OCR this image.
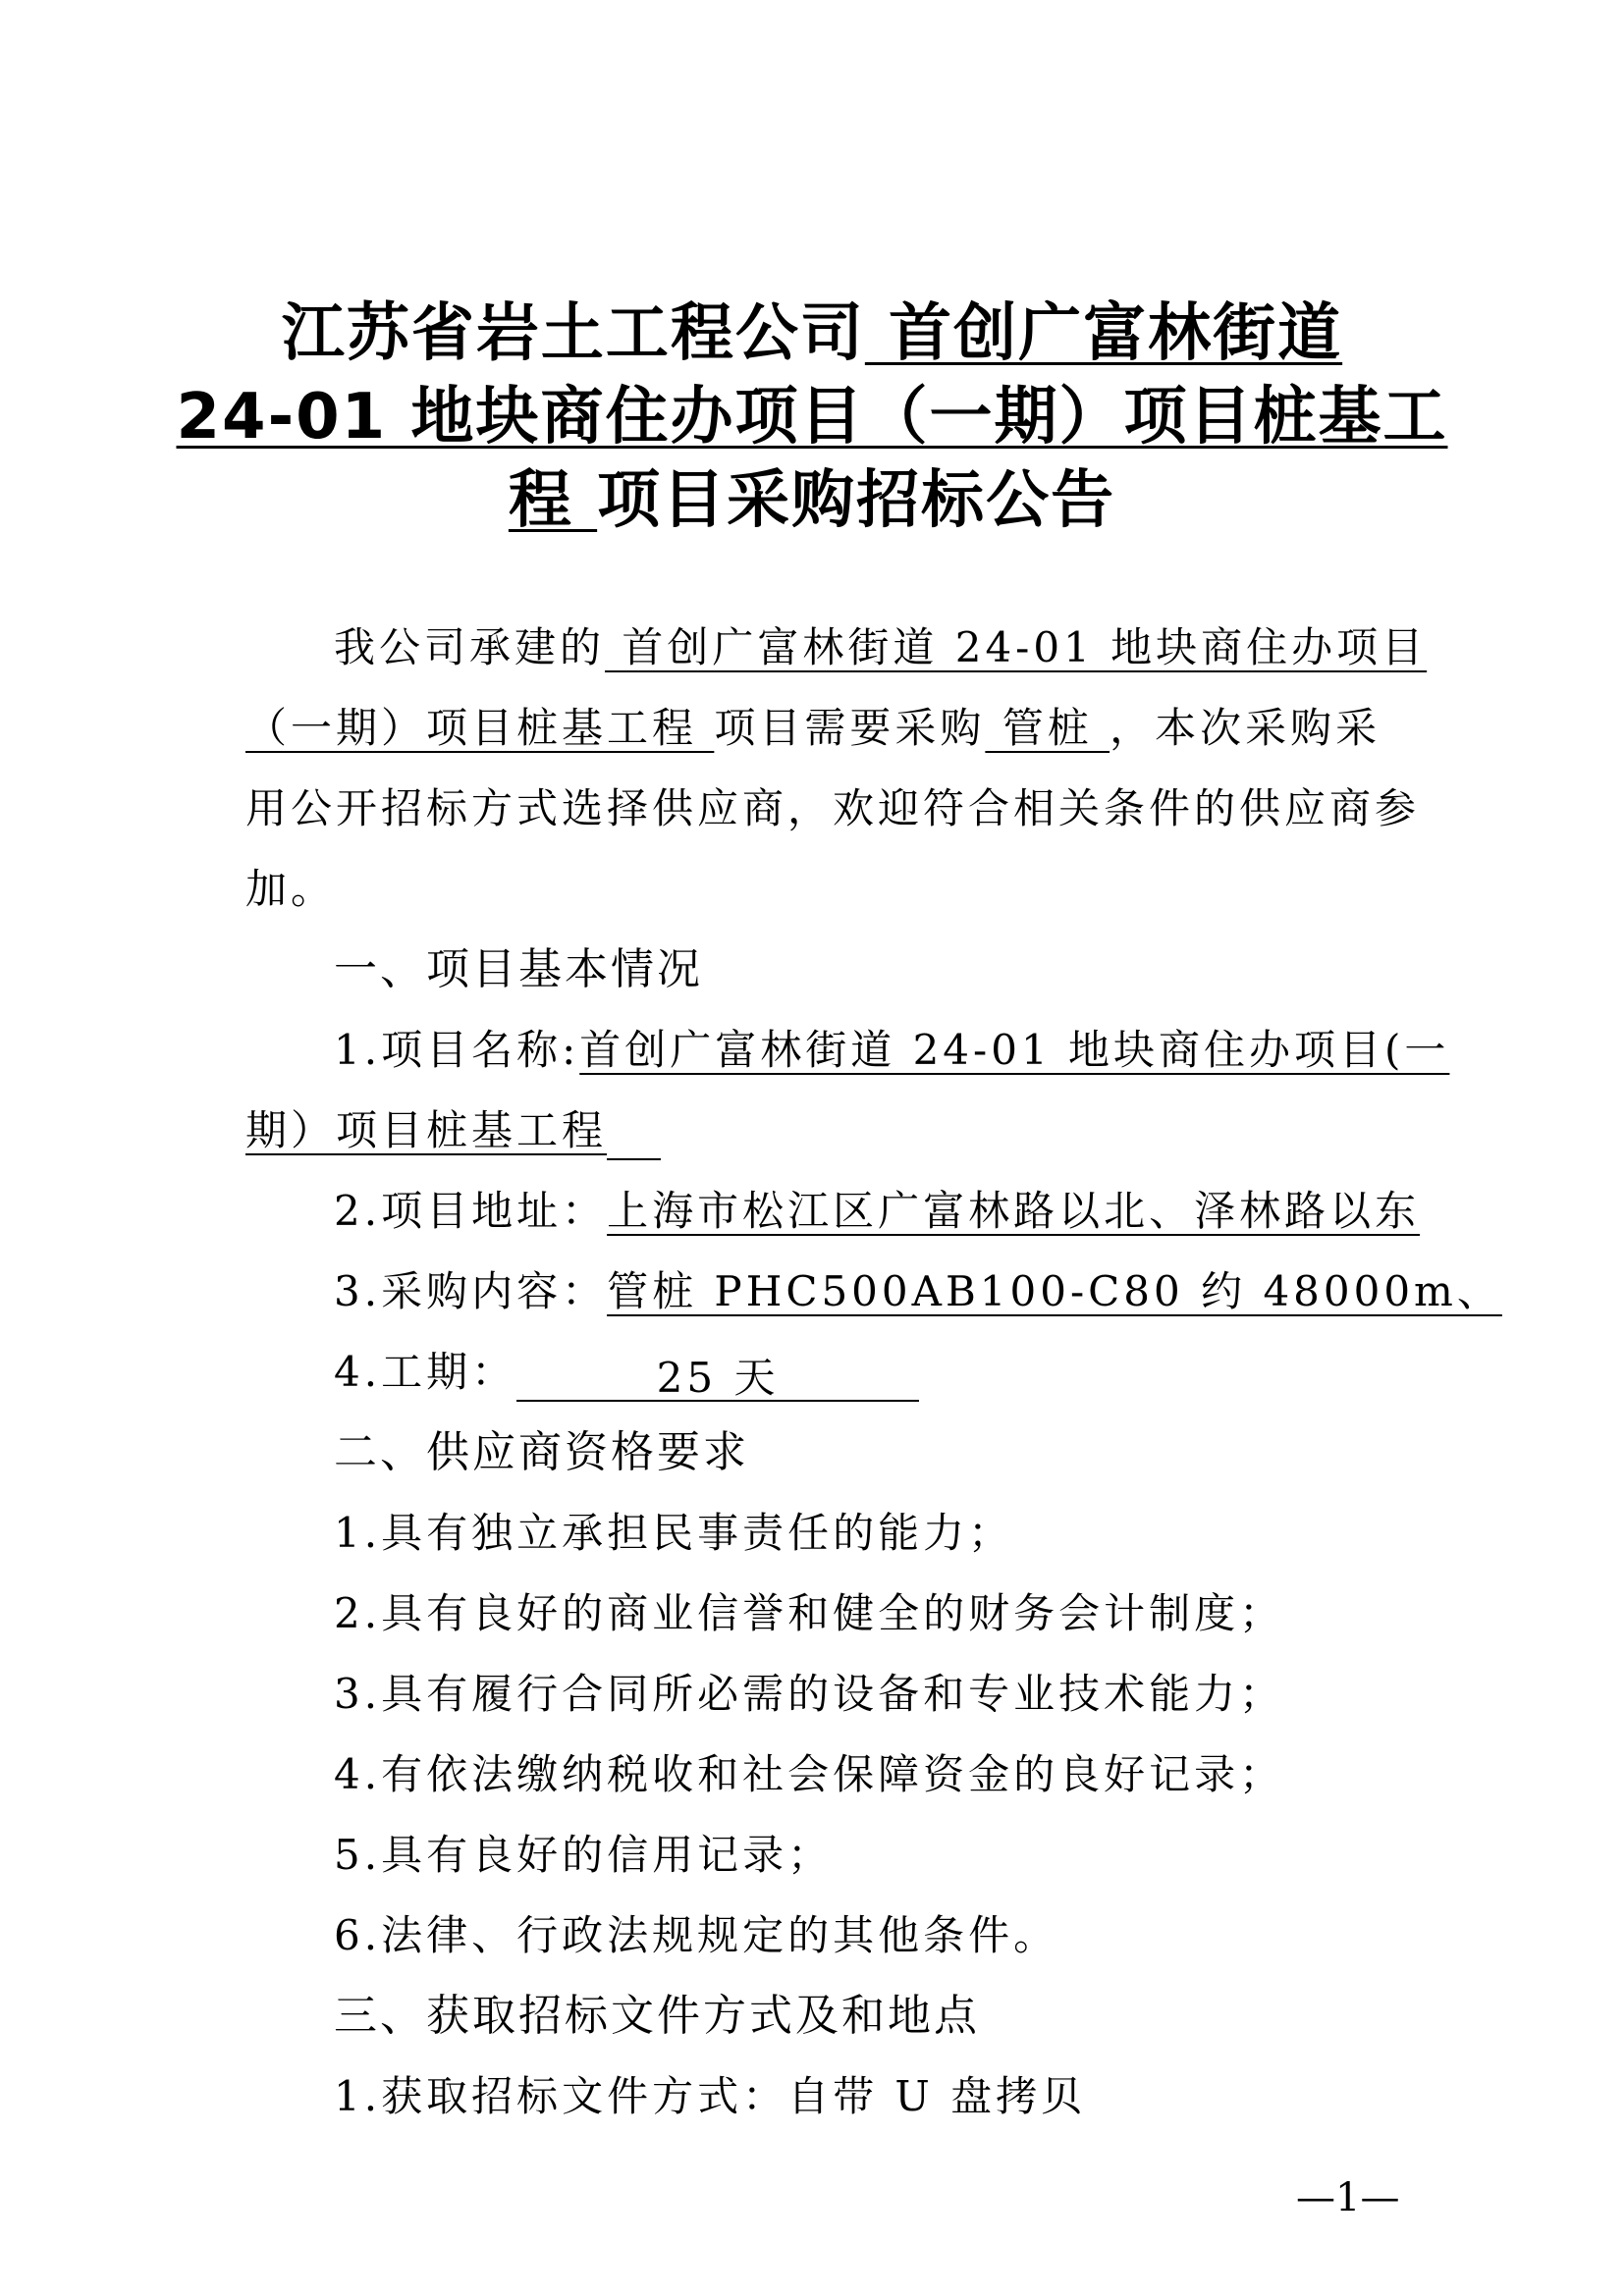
江苏省岩土工程公司 首创广富林街道
24-01 地块商住办项目（一期）项目桩基工
程 项目采购招标公告
我公司承建的 首创广富林街道 24-01 地块商住办项目
（一期）项目桩基工程 项目需要采购 管桩 ，本次采购采
用公开招标方式选择供应商，欢迎符合相关条件的供应商参
加。
一、项目基本情况
1.项目名称:首创广富林街道 24-01 地块商住办项目(一
期）项目桩基工程
2.项目地址：上海市松江区广富林路以北、泽林路以东
3.采购内容：管桩 PHC500AB100-C80 约 48000m、
4.工期：	25 天
二、供应商资格要求
1.具有独立承担民事责任的能力；
2.具有良好的商业信誉和健全的财务会计制度；
3.具有履行合同所必需的设备和专业技术能力；
4.有依法缴纳税收和社会保障资金的良好记录；
5.具有良好的信用记录；
6.法律、行政法规规定的其他条件。
三、获取招标文件方式及和地点
1.获取招标文件方式：自带 U 盘拷贝
—1—
